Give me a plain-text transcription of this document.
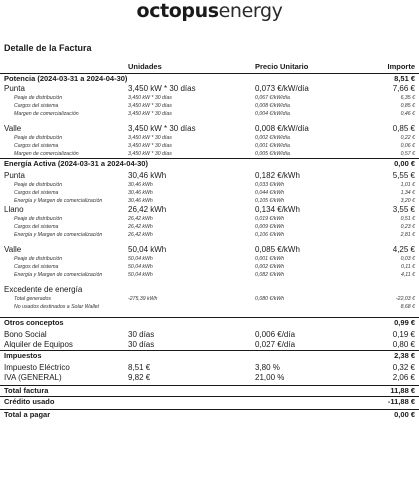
octopusenergy
Detalle de la Factura
Unidades	Precio Unitario	Importe
Potencia (2024-03-31 a 2024-04-30)	8,51 €
Punta	3,450 kW * 30 días	0,073 €/kW/día	7,66 €
Peaje de distribución	3,450 kW * 30 días	0,067 €/kW/día	6,35 €
Cargos del sistema	3,450 kW * 30 días	0,008 €/kW/día	0,85 €
Margen de comercialización	3,450 kW * 30 días	0,004 €/kW/día	0,46 €
Valle	3,450 kW * 30 días	0,008 €/kW/día	0,85 €
Peaje de distribución	3,450 kW * 30 días	0,002 €/kW/día	0,22 €
Cargos del sistema	3,450 kW * 30 días	0,001 €/kW/día	0,06 €
Margen de comercialización	3,450 kW * 30 días	0,005 €/kW/día	0,57 €
Energía Activa (2024-03-31 a 2024-04-30)	0,00 €
Punta	30,46 kWh	0,182 €/kWh	5,55 €
Peaje de distribución	30,46 kWh	0,033 €/kWh	1,01 €
Cargos del sistema	30,46 kWh	0,044 €/kWh	1,34 €
Energía y Margen de comercialización	30,46 kWh	0,105 €/kWh	3,20 €
Llano	26,42 kWh	0,134 €/kWh	3,55 €
Peaje de distribución	26,42 kWh	0,019 €/kWh	0,51 €
Cargos del sistema	26,42 kWh	0,009 €/kWh	0,23 €
Energía y Margen de comercialización	26,42 kWh	0,106 €/kWh	2,81 €
Valle	50,04 kWh	0,085 €/kWh	4,25 €
Peaje de distribución	50,04 kWh	0,001 €/kWh	0,03 €
Cargos del sistema	50,04 kWh	0,002 €/kWh	0,11 €
Energía y Margen de comercialización	50,04 kWh	0,082 €/kWh	4,11 €
Excedente de energía
Total generados	-275,39 kWh	0,080 €/kWh	-22,03 €
No usados destinados a Solar Wallet	8,68 €
Otros conceptos	0,99 €
Bono Social	30 días	0,006 €/día	0,19 €
Alquiler de Equipos	30 días	0,027 €/día	0,80 €
Impuestos	2,38 €
Impuesto Eléctrico	8,51 €	3,80 %	0,32 €
IVA (GENERAL)	9,82 €	21,00 %	2,06 €
Total factura	11,88 €
Crédito usado	-11,88 €
Total a pagar	0,00 €
